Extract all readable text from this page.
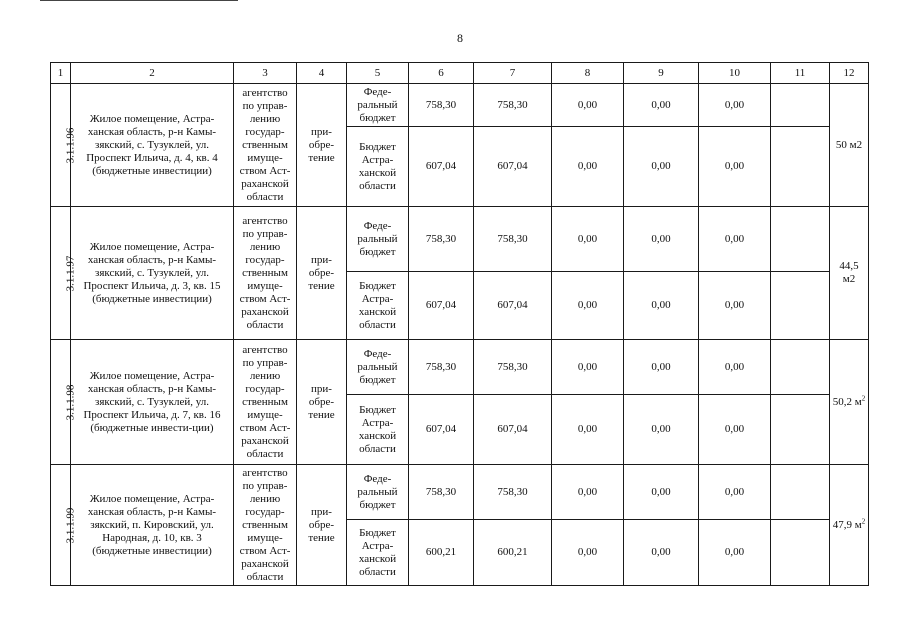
8
1	2	3	4	5	6	7	8	9	10	11	12
3.1.1.96	Жилое помещение, Астра-ханская область, р-н Камы-зякский, с. Тузуклей, ул. Проспект Ильича, д. 4, кв. 4 (бюджетные инвестиции)	агентство по управ-лению государ-ственным имуще-ством Аст-раханской области	при-обре-тение	Феде-ральный бюджет	758,30	758,30	0,00	0,00	0,00		50 м2
				Бюджет Астра-ханской области	607,04	607,04	0,00	0,00	0,00		
3.1.1.97	Жилое помещение, Астра-ханская область, р-н Камы-зякский, с. Тузуклей, ул. Проспект Ильича, д. 3, кв. 15 (бюджетные инвестиции)	агентство по управ-лению государ-ственным имуще-ством Аст-раханской области	при-обре-тение	Феде-ральный бюджет	758,30	758,30	0,00	0,00	0,00		44,5 м2
				Бюджет Астра-ханской области	607,04	607,04	0,00	0,00	0,00		
3.1.1.98	Жилое помещение, Астра-ханская область, р-н Камы-зякский, с. Тузуклей, ул. Проспект Ильича, д. 7, кв. 16 (бюджетные инвести-ции)	агентство по управ-лению государ-ственным имуще-ством Аст-раханской области	при-обре-тение	Феде-ральный бюджет	758,30	758,30	0,00	0,00	0,00		50,2 $м^2$
				Бюджет Астра-ханской области	607,04	607,04	0,00	0,00	0,00		
3.1.1.99	Жилое помещение, Астра-ханская область, р-н Камы-зякский, п. Кировский, ул. Народная, д. 10, кв. 3 (бюджетные инвестиции)	агентство по управ-лению государ-ственным имуще-ством Аст-раханской области	при-обре-тение	Феде-ральный бюджет	758,30	758,30	0,00	0,00	0,00		47,9 $м^2$
				Бюджет Астра-ханской области	600,21	600,21	0,00	0,00	0,00		
